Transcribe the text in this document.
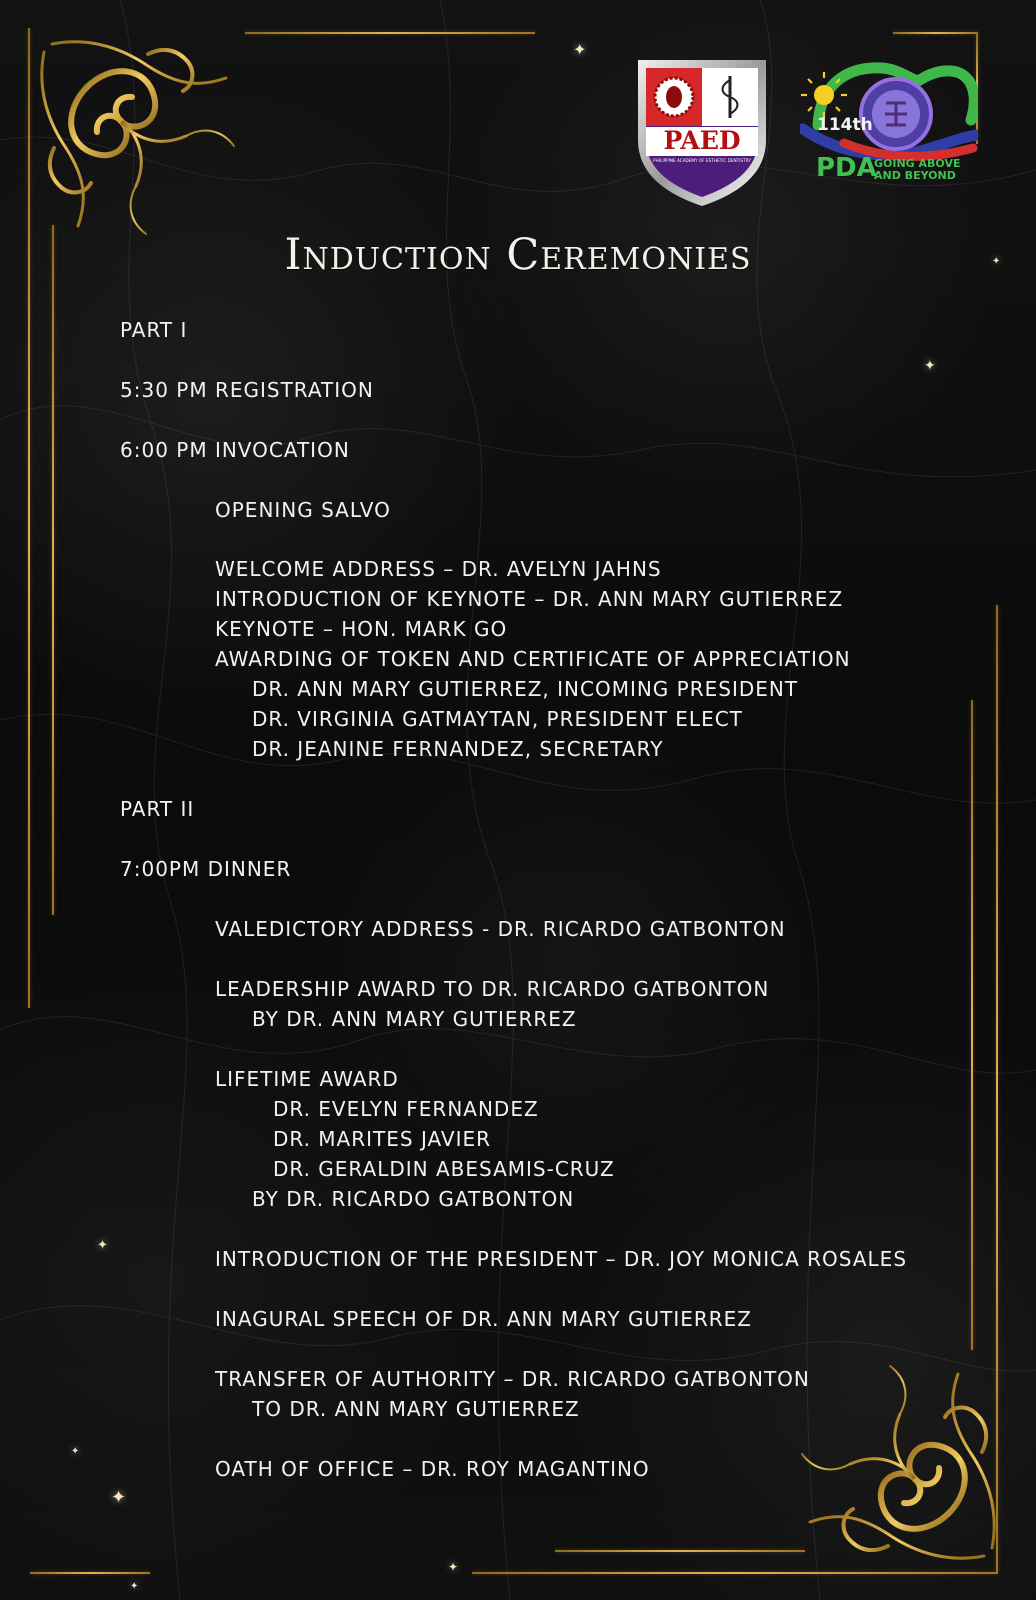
✦
✦
✦
✦
✦
✦
✦
✦
PAED
PHILIPPINE ACADEMY OF ESTHETIC DENTISTRY
114th
PDA
GOING ABOVE
AND BEYOND
Induction Ceremonies
PART I
5:30 PM REGISTRATION
6:00 PM INVOCATION
OPENING SALVO
WELCOME ADDRESS – DR. AVELYN JAHNS
INTRODUCTION OF KEYNOTE – DR. ANN MARY GUTIERREZ
KEYNOTE – HON. MARK GO
AWARDING OF TOKEN AND CERTIFICATE OF APPRECIATION
DR. ANN MARY GUTIERREZ, INCOMING PRESIDENT
DR. VIRGINIA GATMAYTAN, PRESIDENT ELECT
DR. JEANINE FERNANDEZ, SECRETARY
PART II
7:00PM DINNER
VALEDICTORY ADDRESS - DR. RICARDO GATBONTON
LEADERSHIP AWARD TO DR. RICARDO GATBONTON
BY DR. ANN MARY GUTIERREZ
LIFETIME AWARD
DR. EVELYN FERNANDEZ
DR. MARITES JAVIER
DR. GERALDIN ABESAMIS-CRUZ
BY DR. RICARDO GATBONTON
INTRODUCTION OF THE PRESIDENT – DR. JOY MONICA ROSALES
INAGURAL SPEECH OF DR. ANN MARY GUTIERREZ
TRANSFER OF AUTHORITY – DR. RICARDO GATBONTON
TO DR. ANN MARY GUTIERREZ
OATH OF OFFICE – DR. ROY MAGANTINO
